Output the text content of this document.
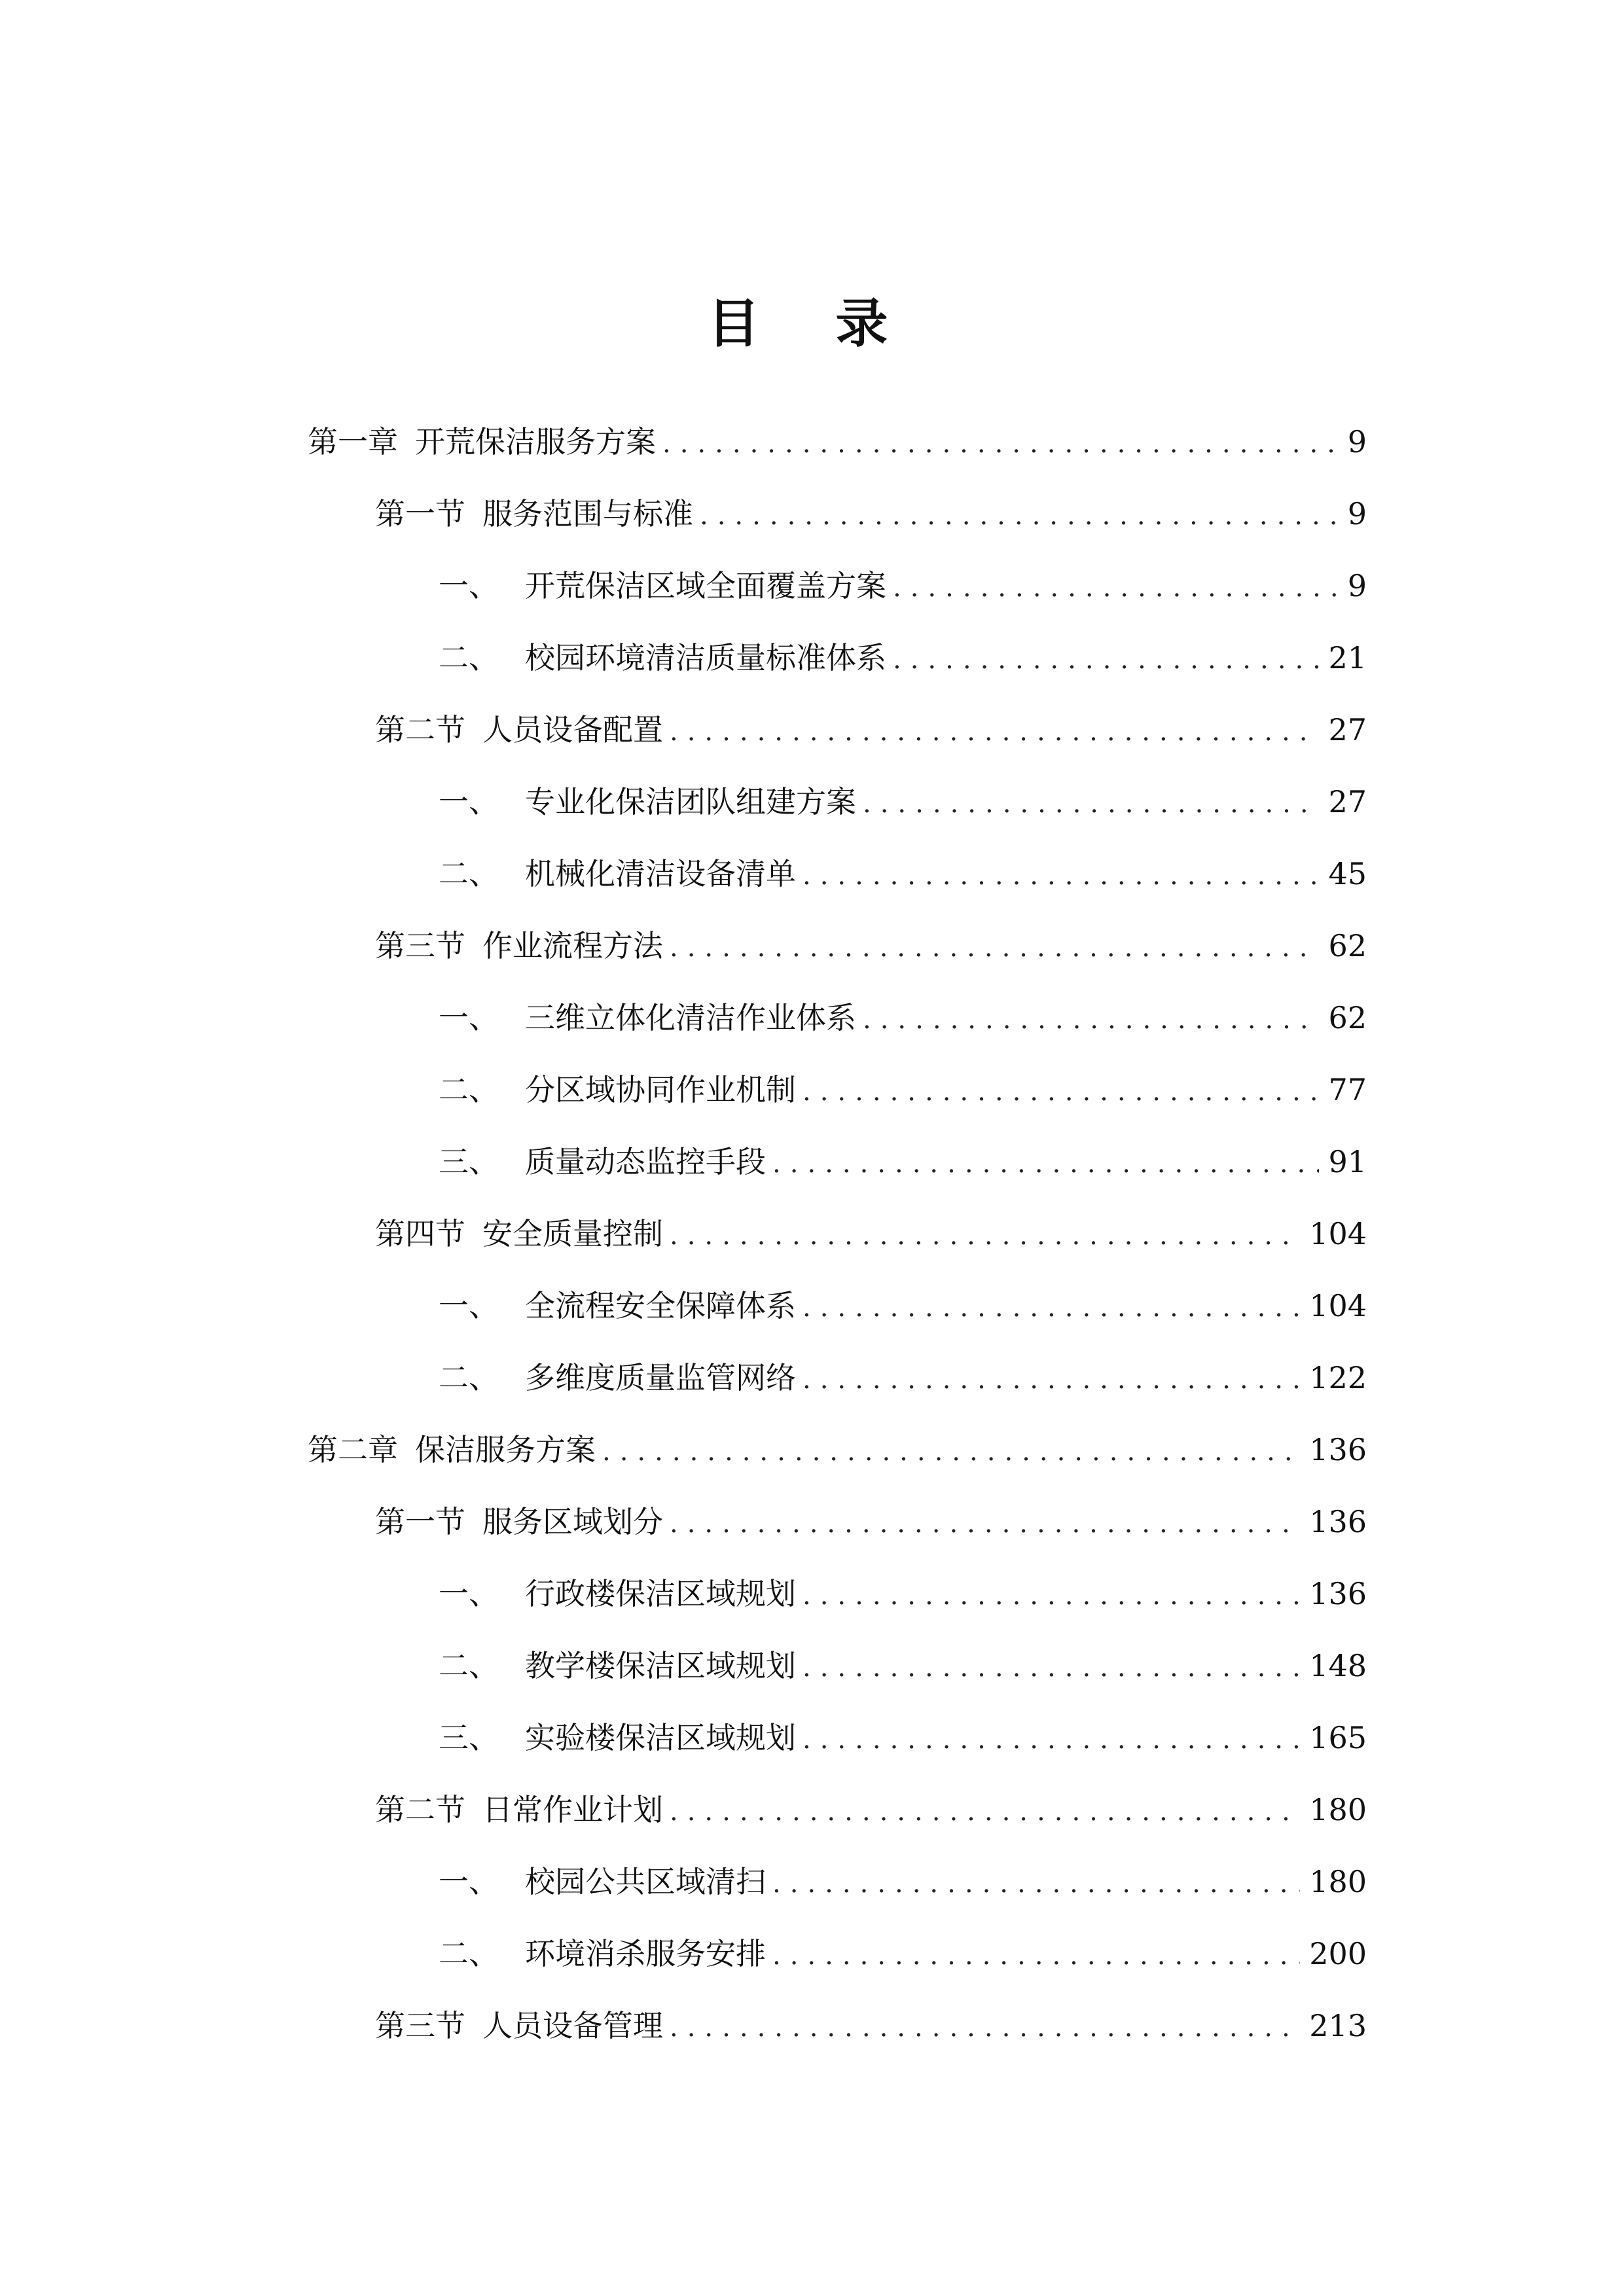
目 录
第一章 开荒保洁服务方案 .....	9
第一节 服务范围与标准 .....	9
一、 开荒保洁区域全面覆盖方案 .....	9
二、 校园环境清洁质量标准体系 .....	21
第二节 人员设备配置 .....	27
一、 专业化保洁团队组建方案 .....	27
二、 机械化清洁设备清单 .....	45
第三节 作业流程方法 .....	62
一、 三维立体化清洁作业体系 .....	62
二、 分区域协同作业机制 .....	77
三、 质量动态监控手段 .....	91
第四节 安全质量控制 .....	104
一、 全流程安全保障体系 .....	104
二、 多维度质量监管网络 .....	122
第二章 保洁服务方案 .....	136
第一节 服务区域划分 .....	136
一、 行政楼保洁区域规划 .....	136
二、 教学楼保洁区域规划 .....	148
三、 实验楼保洁区域规划 .....	165
第二节 日常作业计划 .....	180
一、 校园公共区域清扫 .....	180
二、 环境消杀服务安排 .....	200
第三节 人员设备管理 .....	213
